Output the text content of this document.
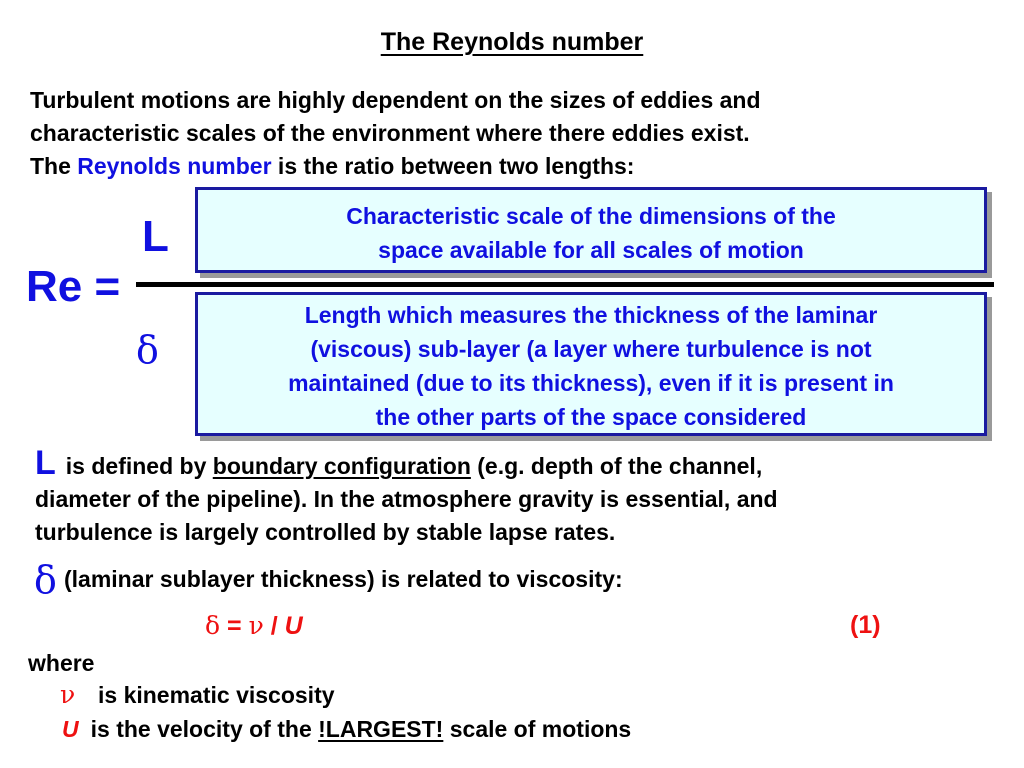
The Reynolds number
Turbulent motions are highly dependent on the sizes of eddies and
characteristic scales of the environment where there eddies exist.
The Reynolds number is the ratio between two lengths:
L
Re =
δ
Characteristic scale of the dimensions of the
space available for all scales of motion
Length which measures the thickness of the laminar
(viscous) sub-layer (a layer where turbulence is not
maintained (due to its thickness), even if it is present in
the other parts of the space considered
L is defined by boundary configuration (e.g. depth of the channel,
diameter of the pipeline). In the atmosphere gravity is essential, and
turbulence is largely controlled by stable lapse rates.
δ (laminar sublayer thickness) is related to viscosity:
δ = ν / U	(1)
where
ν is kinematic viscosity
U is the velocity of the !LARGEST! scale of motions
